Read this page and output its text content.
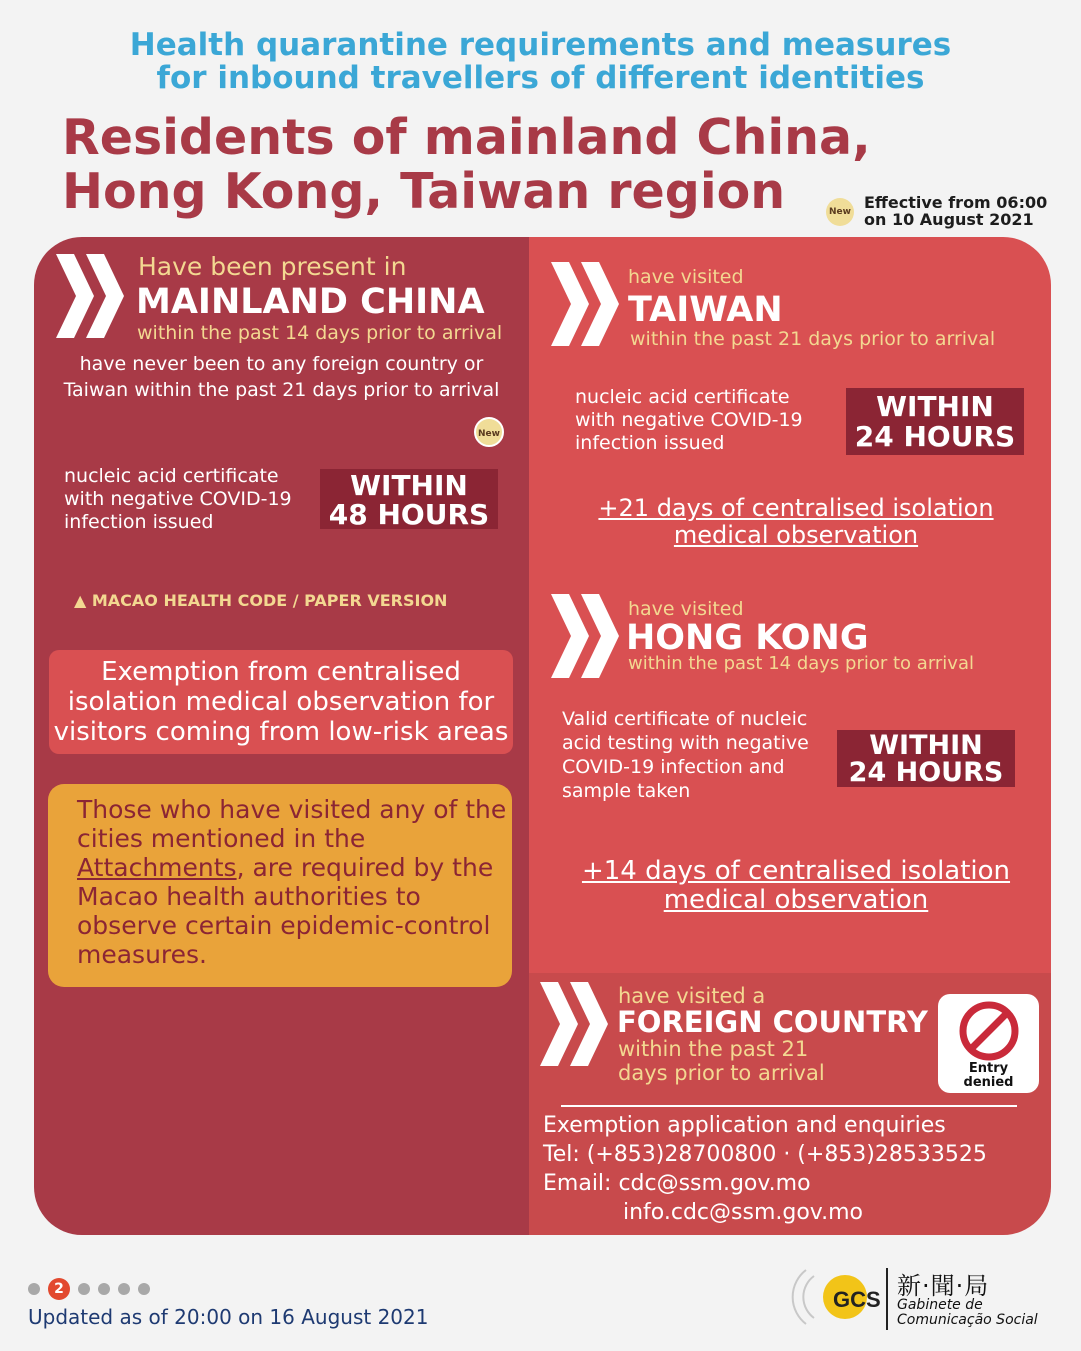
Health quarantine requirements and measures
for inbound travellers of different identities
Residents of mainland China,
Hong Kong, Taiwan region	New Effective from 06:00
on 10 August 2021
Have been present in
MAINLAND CHINA
within the past 14 days prior to arrival
have never been to any foreign country or
Taiwan within the past 21 days prior to arrival
New
nucleic acid certificate
with negative COVID-19
infection issued
WITHIN
48 HOURS
▲ MACAO HEALTH CODE / PAPER VERSION
Exemption from centralised
isolation medical observation for
visitors coming from low-risk areas
Those who have visited any of the
cities mentioned in the
Attachments, are required by the
Macao health authorities to
observe certain epidemic-control
measures.
have visited
TAIWAN
within the past 21 days prior to arrival
nucleic acid certificate
with negative COVID-19
infection issued
WITHIN
24 HOURS
+21 days of centralised isolation
medical observation
have visited
HONG KONG
within the past 14 days prior to arrival
Valid certificate of nucleic
acid testing with negative
COVID-19 infection and
sample taken
WITHIN
24 HOURS
+14 days of centralised isolation
medical observation
have visited a
FOREIGN COUNTRY
within the past 21
days prior to arrival	Entry
denied
Exemption application and enquiries
Tel: (+853)28700800 · (+853)28533525
Email: cdc@ssm.gov.mo
info.cdc@ssm.gov.mo
2
Updated as of 20:00 on 16 August 2021
GCS 新·聞·局
Gabinete de
Comunicação Social
